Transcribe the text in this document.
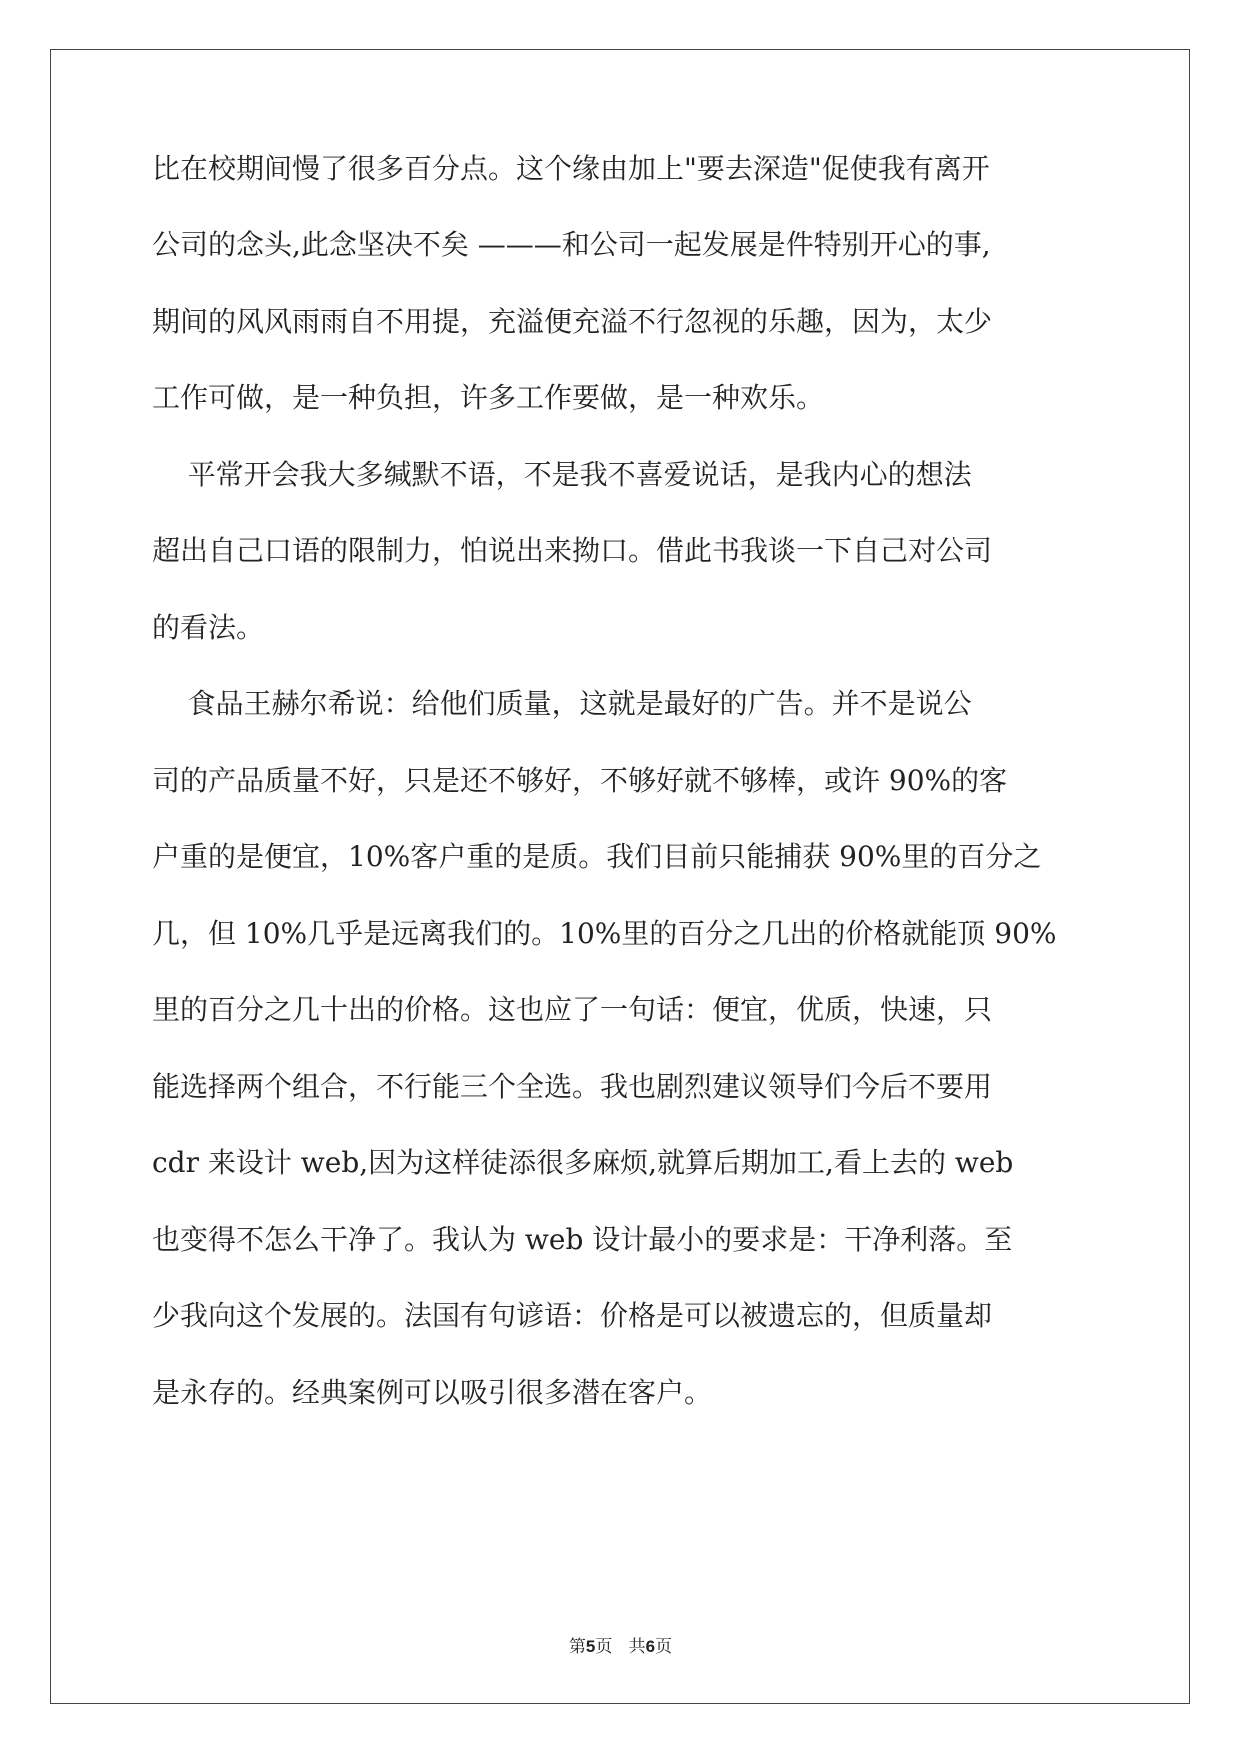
比在校期间慢了很多百分点。这个缘由加上"要去深造"促使我有离开
公司的念头,此念坚决不矣 ———和公司一起发展是件特别开心的事,
期间的风风雨雨自不用提，充溢便充溢不行忽视的乐趣，因为，太少
工作可做，是一种负担，许多工作要做，是一种欢乐。
平常开会我大多缄默不语，不是我不喜爱说话，是我内心的想法
超出自己口语的限制力，怕说出来拗口。借此书我谈一下自己对公司
的看法。
食品王赫尔希说：给他们质量，这就是最好的广告。并不是说公
司的产品质量不好，只是还不够好，不够好就不够棒，或许 90%的客
户重的是便宜，10%客户重的是质。我们目前只能捕获 90%里的百分之
几，但 10%几乎是远离我们的。10%里的百分之几出的价格就能顶 90%
里的百分之几十出的价格。这也应了一句话：便宜，优质，快速，只
能选择两个组合，不行能三个全选。我也剧烈建议领导们今后不要用
cdr 来设计 web,因为这样徒添很多麻烦,就算后期加工,看上去的 web
也变得不怎么干净了。我认为 web 设计最小的要求是：干净利落。至
少我向这个发展的。法国有句谚语：价格是可以被遗忘的，但质量却
是永存的。经典案例可以吸引很多潜在客户。
第5页 共6页
